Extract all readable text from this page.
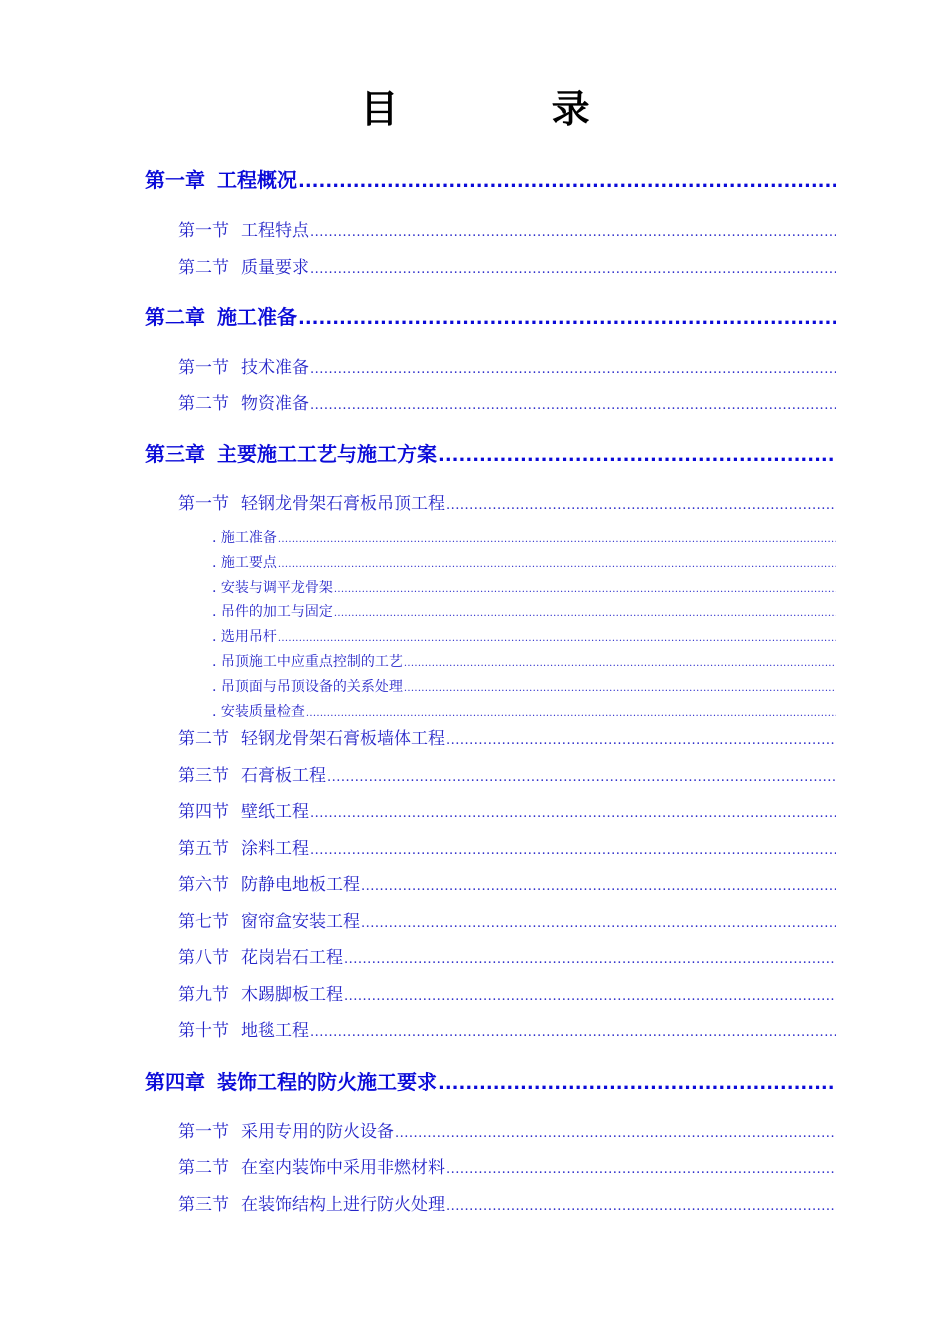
目 录
第一章 工程概况
.....
第一节 工程特点
.....
第二节 质量要求
.....
第二章 施工准备
.....
第一节 技术准备
.....
第二节 物资准备
.....
第三章 主要施工工艺与施工方案
.....
第一节 轻钢龙骨架石膏板吊顶工程
.....
. 施工准备
.....
. 施工要点
.....
. 安装与调平龙骨架
.....
. 吊件的加工与固定
.....
. 选用吊杆
.....
. 吊顶施工中应重点控制的工艺
.....
. 吊顶面与吊顶设备的关系处理
.....
. 安装质量检查
.....
第二节 轻钢龙骨架石膏板墙体工程
.....
第三节 石膏板工程
.....
第四节 壁纸工程
.....
第五节 涂料工程
.....
第六节 防静电地板工程
.....
第七节 窗帘盒安装工程
.....
第八节 花岗岩石工程
.....
第九节 木踢脚板工程
.....
第十节 地毯工程
.....
第四章 装饰工程的防火施工要求
.....
第一节 采用专用的防火设备
.....
第二节 在室内装饰中采用非燃材料
.....
第三节 在装饰结构上进行防火处理
.....
